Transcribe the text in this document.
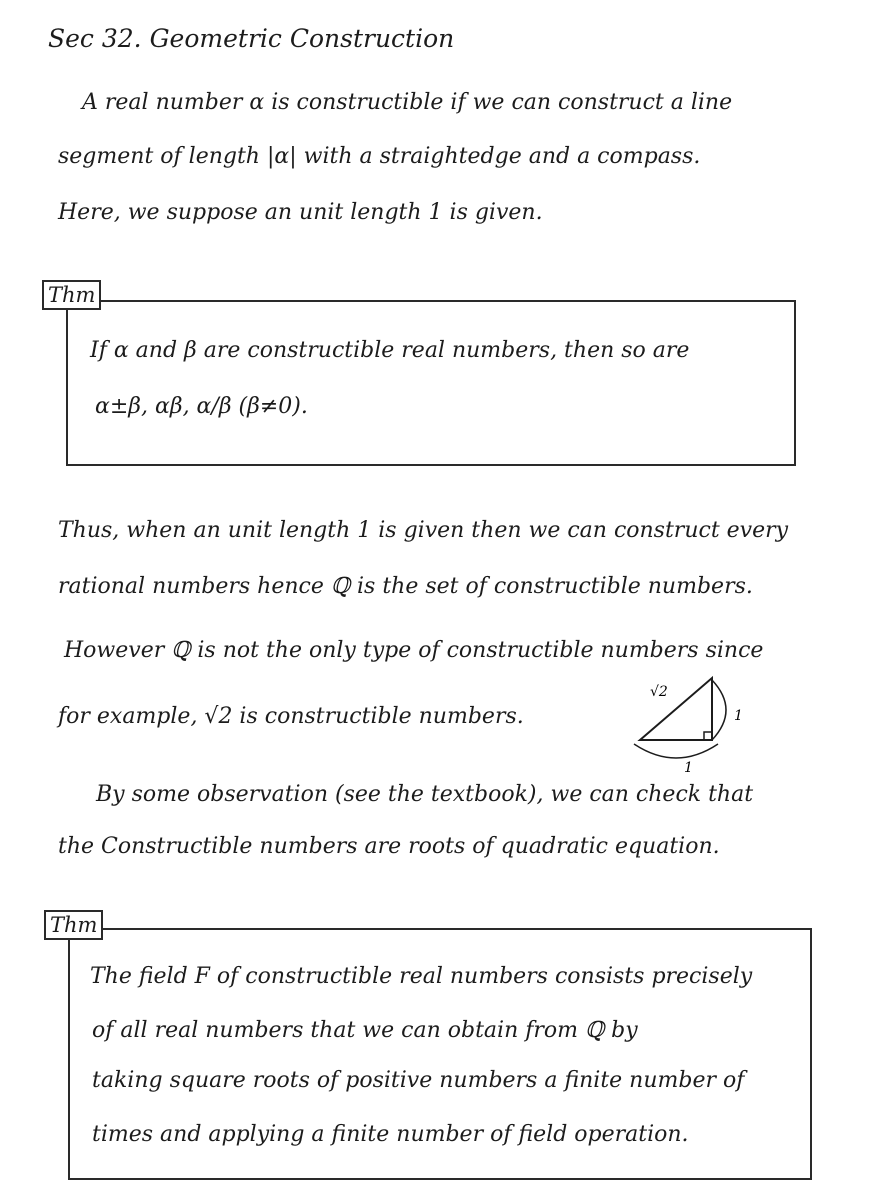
Sec 32. Geometric Construction
A real number α is constructible if we can construct a line
segment of length |α| with a straightedge and a compass.
Here, we suppose an unit length 1 is given.
Thm
If α and β are constructible real numbers, then so are
α±β, αβ, α/β (β≠0).
Thus, when an unit length 1 is given then we can construct every
rational numbers hence ℚ is the set of constructible numbers.
However ℚ is not the only type of constructible numbers since
for example, √2 is constructible numbers.
√2
1
1
By some observation (see the textbook), we can check that
the Constructible numbers are roots of quadratic equation.
Thm
The field F of constructible real numbers consists precisely
of all real numbers that we can obtain from ℚ by
taking square roots of positive numbers a finite number of
times and applying a finite number of field operation.
